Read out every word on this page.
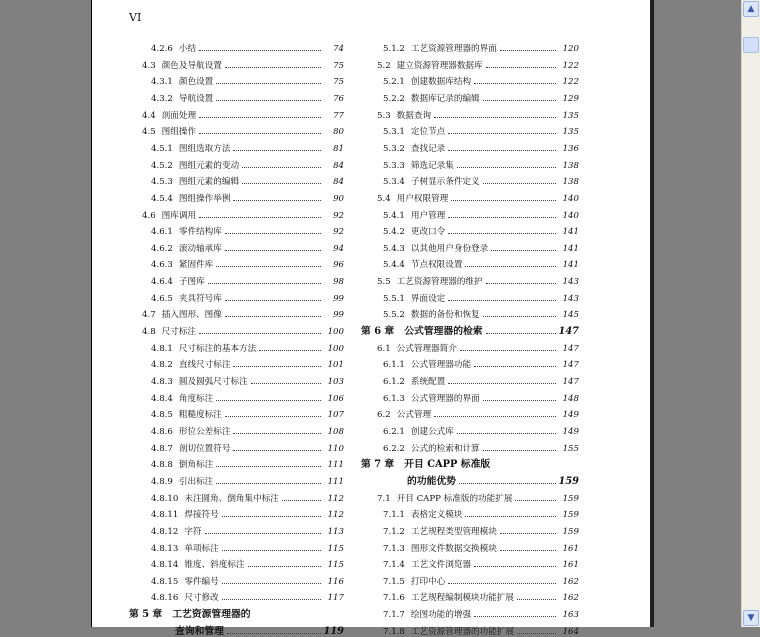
VI
4.2.6 小结	74
4.3 颜色及导航设置	75
4.3.1 颜色设置	75
4.3.2 导航设置	76
4.4 剖面处理	77
4.5 图组操作	80
4.5.1 图组选取方法	81
4.5.2 图组元素的变动	84
4.5.3 图组元素的编辑	84
4.5.4 图组操作举例	90
4.6 图库调用	92
4.6.1 零件结构库	92
4.6.2 滚动轴承库	94
4.6.3 紧固件库	96
4.6.4 子图库	98
4.6.5 夹具符号库	99
4.7 插入图形、图像	99
4.8 尺寸标注	100
4.8.1 尺寸标注的基本方法	100
4.8.2 直线尺寸标注	101
4.8.3 圆及圆弧尺寸标注	103
4.8.4 角度标注	106
4.8.5 粗糙度标注	107
4.8.6 形位公差标注	108
4.8.7 剖切位置符号	110
4.8.8 倒角标注	111
4.8.9 引出标注	111
4.8.10 未注圆角、倒角集中标注	112
4.8.11 焊接符号	112
4.8.12 字符	113
4.8.13 单项标注	115
4.8.14 锥度、斜度标注	115
4.8.15 零件编号	116
4.8.16 尺寸修改	117
第 5 章 工艺资源管理器的
查询和管理	119
5.1.2 工艺资源管理器的界面	120
5.2 建立资源管理器数据库	122
5.2.1 创建数据库结构	122
5.2.2 数据库记录的编辑	129
5.3 数据查询	135
5.3.1 定位节点	135
5.3.2 查找记录	136
5.3.3 筛选记录集	138
5.3.4 子树显示条件定义	138
5.4 用户权限管理	140
5.4.1 用户管理	140
5.4.2 更改口令	141
5.4.3 以其他用户身份登录	141
5.4.4 节点权限设置	141
5.5 工艺资源管理器的维护	143
5.5.1 界面设定	143
5.5.2 数据的备份和恢复	145
第 6 章 公式管理器的检索	147
6.1 公式管理器简介	147
6.1.1 公式管理器功能	147
6.1.2 系统配置	147
6.1.3 公式管理器的界面	148
6.2 公式管理	149
6.2.1 创建公式库	149
6.2.2 公式的检索和计算	155
第 7 章 开目 CAPP 标准版
的功能优势	159
7.1 开目 CAPP 标准版的功能扩展	159
7.1.1 表格定义模块	159
7.1.2 工艺规程类型管理模块	159
7.1.3 图形文件数据交换模块	161
7.1.4 工艺文件浏览器	161
7.1.5 打印中心	162
7.1.6 工艺规程编制模块功能扩展	162
7.1.7 绘图功能的增强	163
7.1.8 工艺资源管理器的功能扩展	164
▲
▼
